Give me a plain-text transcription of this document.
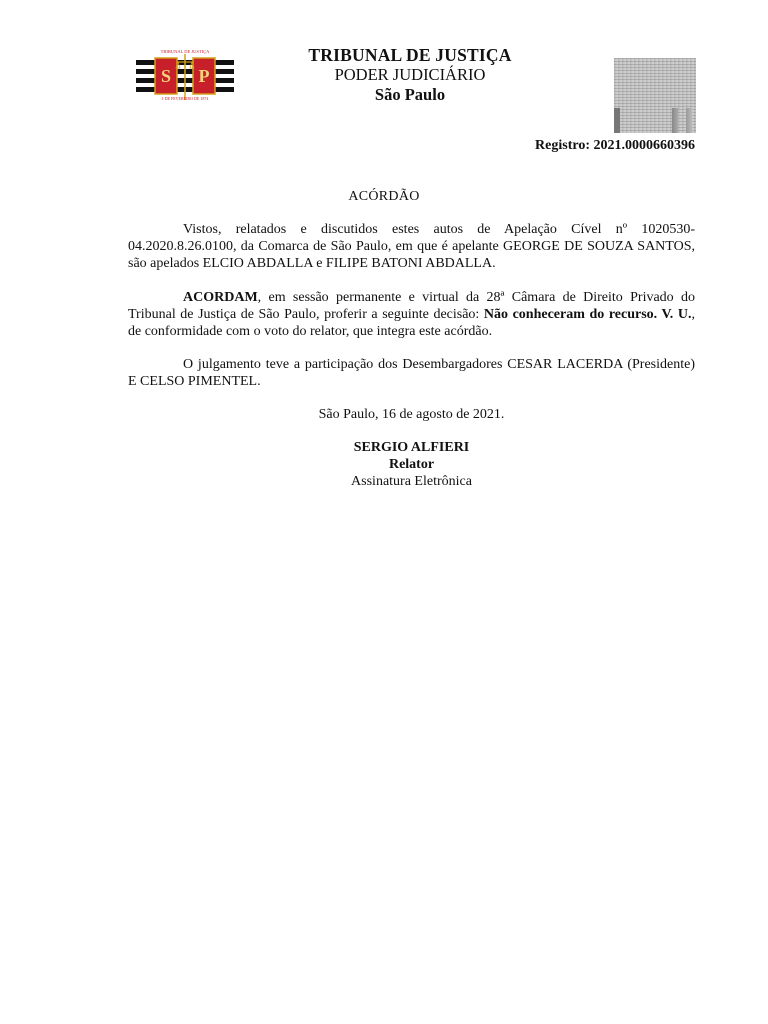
S P
TRIBUNAL DE JUSTIÇA
1 DE FEVEREIRO DE 1874
TRIBUNAL DE JUSTIÇA
PODER JUDICIÁRIO
São Paulo
Registro: 2021.0000660396
ACÓRDÃO
Vistos, relatados e discutidos estes autos de Apelação Cível nº 1020530-04.2020.8.26.0100, da Comarca de São Paulo, em que é apelante GEORGE DE SOUZA SANTOS, são apelados ELCIO ABDALLA e FILIPE BATONI ABDALLA.
ACORDAM, em sessão permanente e virtual da 28ª Câmara de Direito Privado do Tribunal de Justiça de São Paulo, proferir a seguinte decisão: Não conheceram do recurso. V. U., de conformidade com o voto do relator, que integra este acórdão.
O julgamento teve a participação dos Desembargadores CESAR LACERDA (Presidente) E CELSO PIMENTEL.
São Paulo, 16 de agosto de 2021.
SERGIO ALFIERI
Relator
Assinatura Eletrônica
